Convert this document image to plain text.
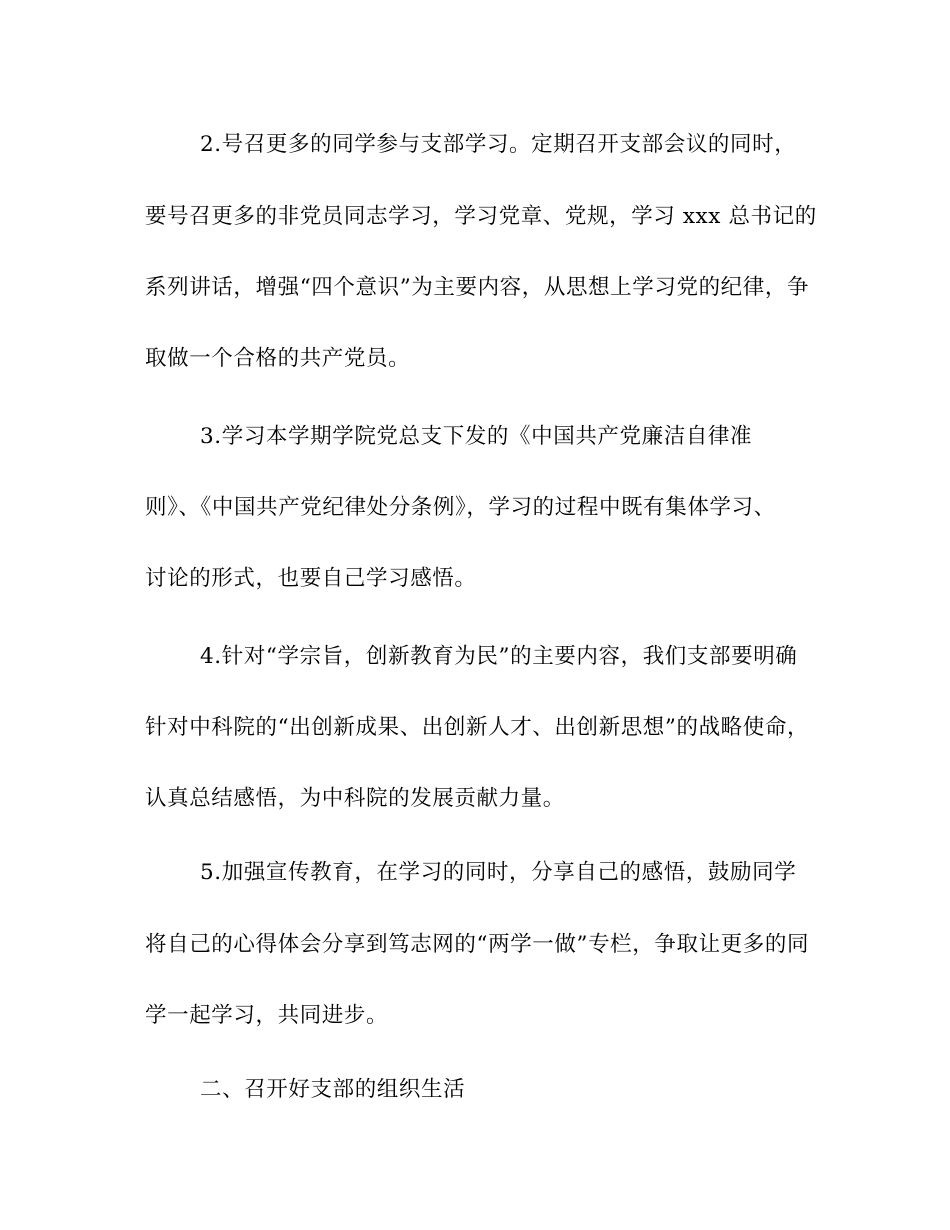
2.号召更多的同学参与支部学习。定期召开支部会议的同时，
要号召更多的非党员同志学习，学习党章、党规，学习 xxx 总书记的
系列讲话，增强“四个意识”为主要内容，从思想上学习党的纪律，争
取做一个合格的共产党员。
3.学习本学期学院党总支下发的《中国共产党廉洁自律准
则》、《中国共产党纪律处分条例》，学习的过程中既有集体学习、
讨论的形式，也要自己学习感悟。
4.针对“学宗旨，创新教育为民”的主要内容，我们支部要明确
针对中科院的“出创新成果、出创新人才、出创新思想”的战略使命，
认真总结感悟，为中科院的发展贡献力量。
5.加强宣传教育，在学习的同时，分享自己的感悟，鼓励同学
将自己的心得体会分享到笃志网的“两学一做”专栏，争取让更多的同
学一起学习，共同进步。
二、召开好支部的组织生活
